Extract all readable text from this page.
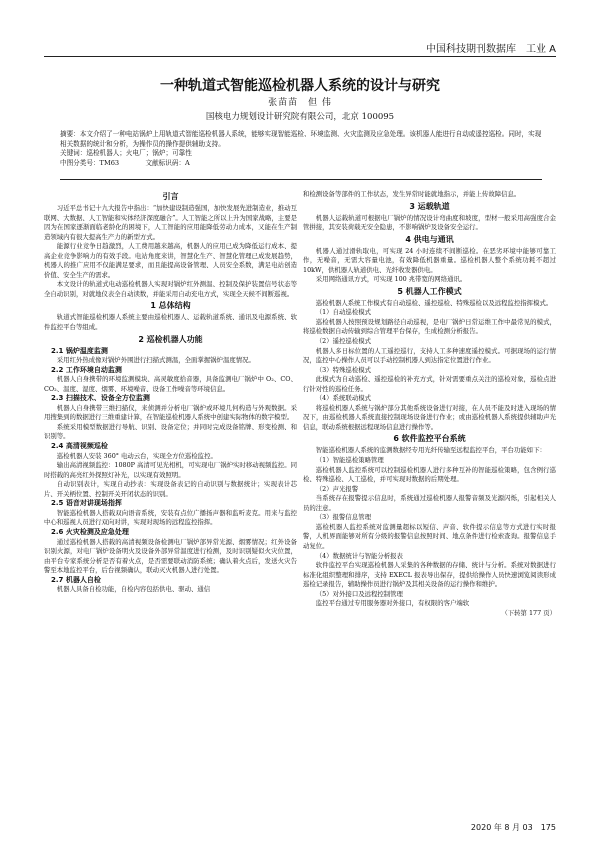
中国科技期刊数据库　工业 A
一种轨道式智能巡检机器人系统的设计与研究
张苗苗　但 伟
国核电力规划设计研究院有限公司，北京 100095
摘要：本文介绍了一种电站锅炉上用轨道式智能巡检机器人系统，能够实现智能巡检、环境监测、火灾监测及应急处理。该机器人能进行自动或遥控巡检。同时，实现相关数据的统计和分析，为操作员的操作提供辅助支持。
关键词：巡检机器人；火电厂；锅炉；可靠性
中图分类号：TM63　　　　文献标识码：A
引言

习近平总书记十九大报告中指出：“加快建设制造强国，加快发展先进制造业，推动互联网、大数据、人工智能和实体经济深度融合”。人工智能之所以上升为国家战略，主要是因为在国家逐渐面临老龄化的困境下，人工智能的应用能降低劳动力成本，又能在生产制造领域内有很大提高生产力的新型方式。

能源行业竞争日趋激烈，人工费用越来越高，机器人的应用已成为降低运行成本、提高企业竞争影响力的有效手段。电站角度来讲，智慧化生产、智慧化管理已成发展趋势，机器人的推广应用不仅能满足要求，而且能提高设备管理、人员安全系数，满足电站创造价值、安全生产的需求。

本文设计的轨道式电动巡检机器人实现对锅炉红外测温、控制及保护装置信号状态等全自动识别，对就地仪表全自动读数，并能采用自动充电方式，实现全天候不间断巡视。

1 总体结构

轨道式智能巡检机器人系统主要由巡检机器人、运载轨道系统、通讯及电源系统、软件监控平台等组成。

2 巡检机器人功能
2.1 锅炉温度监测

采用红外热成像对锅炉外围进行扫描式测温，全面掌握锅炉温度情况。

2.2 工作环境自动监测

机器人自身携带的环境监测模块、高灵敏度拾音器，具备监测电厂锅炉中 O₂、CO、CO₂、温度、湿度、烟雾、环境噪音、设备工作噪音等环境信息。

2.3 扫描技术、设备全方位监测

机器人自身携带三维扫描仪，来侦测并分析电厂锅炉或环境几何构造与外观数据。采用搜集到的数据进行三维重建计算，在智能巡检机器人系统中创建实际物体的数字模型。

系统采用模型数据进行导航、识别、设备定位；并同时完成设备铭牌、形变检测、和识别等。

2.4 高清视频巡检

巡检机器人安装 360° 电动云台，实现全方位巡检监控。

输出高清视频监控：1080P 高清可见光相机，可实现电厂锅炉实时移动视频监控。同时搭载的高亮红外探照灯补光，以实现有效照明。

自动识别表计，实现自动抄表：实现设备表记的自动识别与数据统计；实现表计芯片、开关柄位置、控制开关开闭状态的识别。

2.5 语音对讲现场指挥

智能巡检机器人搭载双向语音系统，安装有点位广播扬声器和监听麦克。用来与监控中心和巡视人员进行双向对讲，实现对现场的远程监控指挥。

2.6 火灾检测及应急处理

通过巡检机器人搭载的高清视频设备检测电厂锅炉部异常光源、烟雾情况；红外设备识别火源，对电厂锅炉设备明火及设备外部异常温度进行检测，及时识别疑似火灾位置，由平台专家系统分析是否有着火点，是否需要联动消防系统；确认着火点后，发送火灾告警至本地监控平台，后台视频确认，联动灭火机器人进行处置。

2.7 机器人自检

机器人具备自检功能，自检内容包括供电、驱动、通信

和检测设备等部件的工作状态，发生异常时能就地指示，并能上传故障信息。

3 运载轨道

机器人运载轨道可根据电厂锅炉的情况设计弯曲度和坡度，型材一般采用高强度合金管拼接，其安装荷载无安全隐患，不影响锅炉及设备安全运行。

4 供电与通讯

机器人通过滑轨取电，可实现 24 小时连续不间断巡检。在恶劣环境中能够可靠工作，无噪音，无需大容量电池，有效降低机器重量。巡检机器人整个系统功耗不超过 10kW，供机器人轨道供电、光纤收发器供电。

采用网络通讯方式，可实现 100 兆带宽的网络通讯。

5 机器人工作模式

巡检机器人系统工作模式有自动巡检、遥控巡检、特殊巡检以及远程监控指挥模式。

（1）自动巡检模式

巡检机器人按照预设规划路径自动巡视，是电厂锅炉日常运维工作中最常见的模式，将巡检数据自动传输到综合管理平台保存，生成检测分析报告。

（2）遥控巡检模式

机器人多日标位置的人工遥控巡行，支持人工多种速度遥控模式。可据现场的运行情况，监控中心操作人员可以手动控制机器人到达指定位置进行作业。

（3）特殊巡检模式

此模式为自动巡检、遥控巡检的补充方式，针对需要重点关注的巡检对象，巡检点进行针对性的巡检任务。

（4）系统联动模式

将巡检机器人系统与锅炉部分其他系统设备进行对接，在人员不能及时进入现场的情况下，由巡检机器人系统直接控制现场设备进行作业；或由巡检机器人系统提供辅助声光信息，联动系统根据远程现场信息进行操作等。

6 软件监控平台系统

智能巡检机器人系统的监测数据经专用光纤传输至远程监控平台，平台功能如下：

（1）智能巡检策略管理

巡检机器人监控系统可以控制巡检机器人进行多种互补的智能巡检策略，包含例行巡检、特殊巡检、人工巡检，并可实现对数据的后期处理。

（2）声光报警

当系统存在报警提示信息时，系统通过巡检机器人报警音频及光源闪烁，引起相关人员的注意。

（3）报警信息管理

巡检机器人监控系统对监测量超标以短信、声音、软件提示信息等方式进行实时报警，人机界面能够对所有分级的报警信息按照时间、地点条件进行检索查询。报警信息手动复位。

（4）数据统计与智能分析报表

软件监控平台实现巡检机器人采集的各种数据的存储、统计与分析。系统对数据进行标准化组织整理和排序，支持 EXECL 报表导出保存，提供给操作人员快速浏览阅读形成巡检记录报告，辅助操作员进行锅炉及其相关设备的运行操作和维护。

（5）对外接口及远程控制管理

监控平台通过专用服务器对外接口，有权限的客户端软

（下转第 177 页）
2020 年 8 月 03　175
